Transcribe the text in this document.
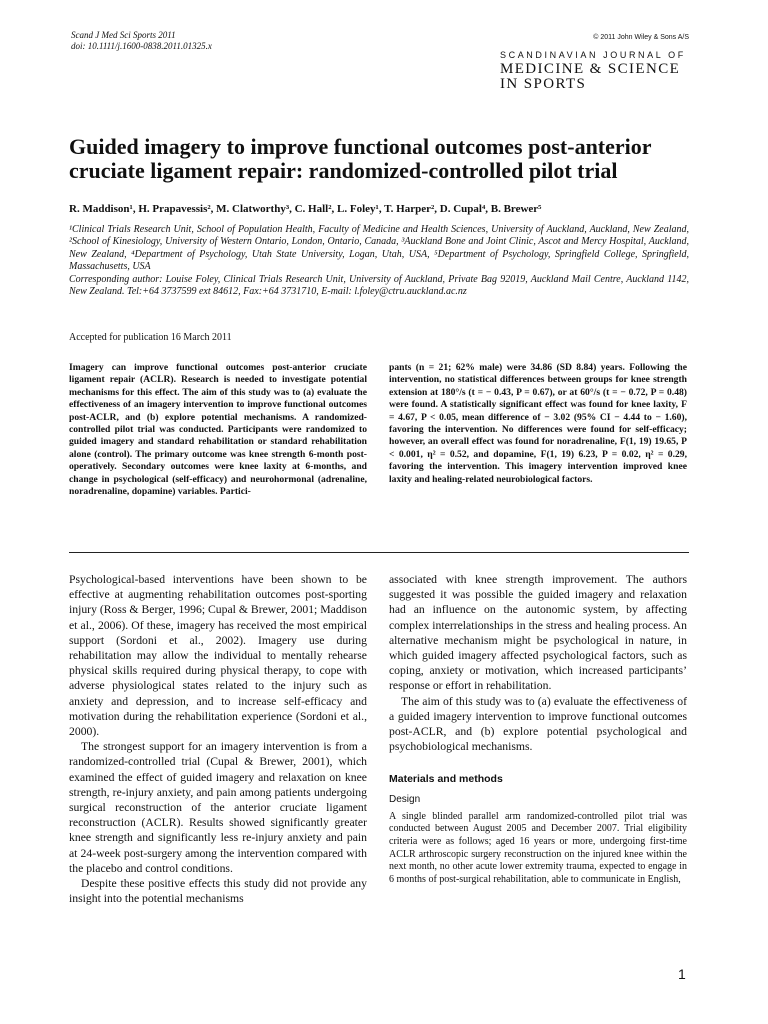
Scand J Med Sci Sports 2011
doi: 10.1111/j.1600-0838.2011.01325.x
© 2011 John Wiley & Sons A/S
SCANDINAVIAN JOURNAL OF
MEDICINE & SCIENCE
IN SPORTS
Guided imagery to improve functional outcomes post-anterior cruciate ligament repair: randomized-controlled pilot trial
R. Maddison¹, H. Prapavessis², M. Clatworthy³, C. Hall², L. Foley¹, T. Harper², D. Cupal⁴, B. Brewer⁵
¹Clinical Trials Research Unit, School of Population Health, Faculty of Medicine and Health Sciences, University of Auckland, Auckland, New Zealand, ²School of Kinesiology, University of Western Ontario, London, Ontario, Canada, ³Auckland Bone and Joint Clinic, Ascot and Mercy Hospital, Auckland, New Zealand, ⁴Department of Psychology, Utah State University, Logan, Utah, USA, ⁵Department of Psychology, Springfield College, Springfield, Massachusetts, USA
Corresponding author: Louise Foley, Clinical Trials Research Unit, University of Auckland, Private Bag 92019, Auckland Mail Centre, Auckland 1142, New Zealand. Tel:+64 3737599 ext 84612, Fax:+64 3731710, E-mail: l.foley@ctru.auckland.ac.nz
Accepted for publication 16 March 2011
Imagery can improve functional outcomes post-anterior cruciate ligament repair (ACLR). Research is needed to investigate potential mechanisms for this effect. The aim of this study was to (a) evaluate the effectiveness of an imagery intervention to improve functional outcomes post-ACLR, and (b) explore potential mechanisms. A randomized-controlled pilot trial was conducted. Participants were randomized to guided imagery and standard rehabilitation or standard rehabilitation alone (control). The primary outcome was knee strength 6-month post-operatively. Secondary outcomes were knee laxity at 6-months, and change in psychological (self-efficacy) and neurohormonal (adrenaline, noradrenaline, dopamine) variables. Partici-
pants (n = 21; 62% male) were 34.86 (SD 8.84) years. Following the intervention, no statistical differences between groups for knee strength extension at 180°/s (t = − 0.43, P = 0.67), or at 60°/s (t = − 0.72, P = 0.48) were found. A statistically significant effect was found for knee laxity, F = 4.67, P < 0.05, mean difference of − 3.02 (95% CI − 4.44 to − 1.60), favoring the intervention. No differences were found for self-efficacy; however, an overall effect was found for noradrenaline, F(1, 19) 19.65, P < 0.001, η² = 0.52, and dopamine, F(1, 19) 6.23, P = 0.02, η² = 0.29, favoring the intervention. This imagery intervention improved knee laxity and healing-related neurobiological factors.

Psychological-based interventions have been shown to be effective at augmenting rehabilitation outcomes post-sporting injury (Ross & Berger, 1996; Cupal & Brewer, 2001; Maddison et al., 2006). Of these, imagery has received the most empirical support (Sordoni et al., 2002). Imagery use during rehabilitation may allow the individual to mentally rehearse physical skills required during physical therapy, to cope with adverse physiological states related to the injury such as anxiety and depression, and to increase self-efficacy and motivation during the rehabilitation experience (Sordoni et al., 2000).

The strongest support for an imagery intervention is from a randomized-controlled trial (Cupal & Brewer, 2001), which examined the effect of guided imagery and relaxation on knee strength, re-injury anxiety, and pain among patients undergoing surgical reconstruction of the anterior cruciate ligament reconstruction (ACLR). Results showed significantly greater knee strength and significantly less re-injury anxiety and pain at 24-week post-surgery among the intervention compared with the placebo and control conditions.

Despite these positive effects this study did not provide any insight into the potential mechanisms

associated with knee strength improvement. The authors suggested it was possible the guided imagery and relaxation had an influence on the autonomic system, by affecting complex interrelationships in the stress and healing process. An alternative mechanism might be psychological in nature, in which guided imagery affected psychological factors, such as coping, anxiety or motivation, which increased participants’ response or effort in rehabilitation.

The aim of this study was to (a) evaluate the effectiveness of a guided imagery intervention to improve functional outcomes post-ACLR, and (b) explore potential psychological and psychobiological mechanisms.

Materials and methods
Design
A single blinded parallel arm randomized-controlled pilot trial was conducted between August 2005 and December 2007. Trial eligibility criteria were as follows; aged 16 years or more, undergoing first-time ACLR arthroscopic surgery reconstruction on the injured knee within the next month, no other acute lower extremity trauma, expected to engage in 6 months of post-surgical rehabilitation, able to communicate in English,
1
